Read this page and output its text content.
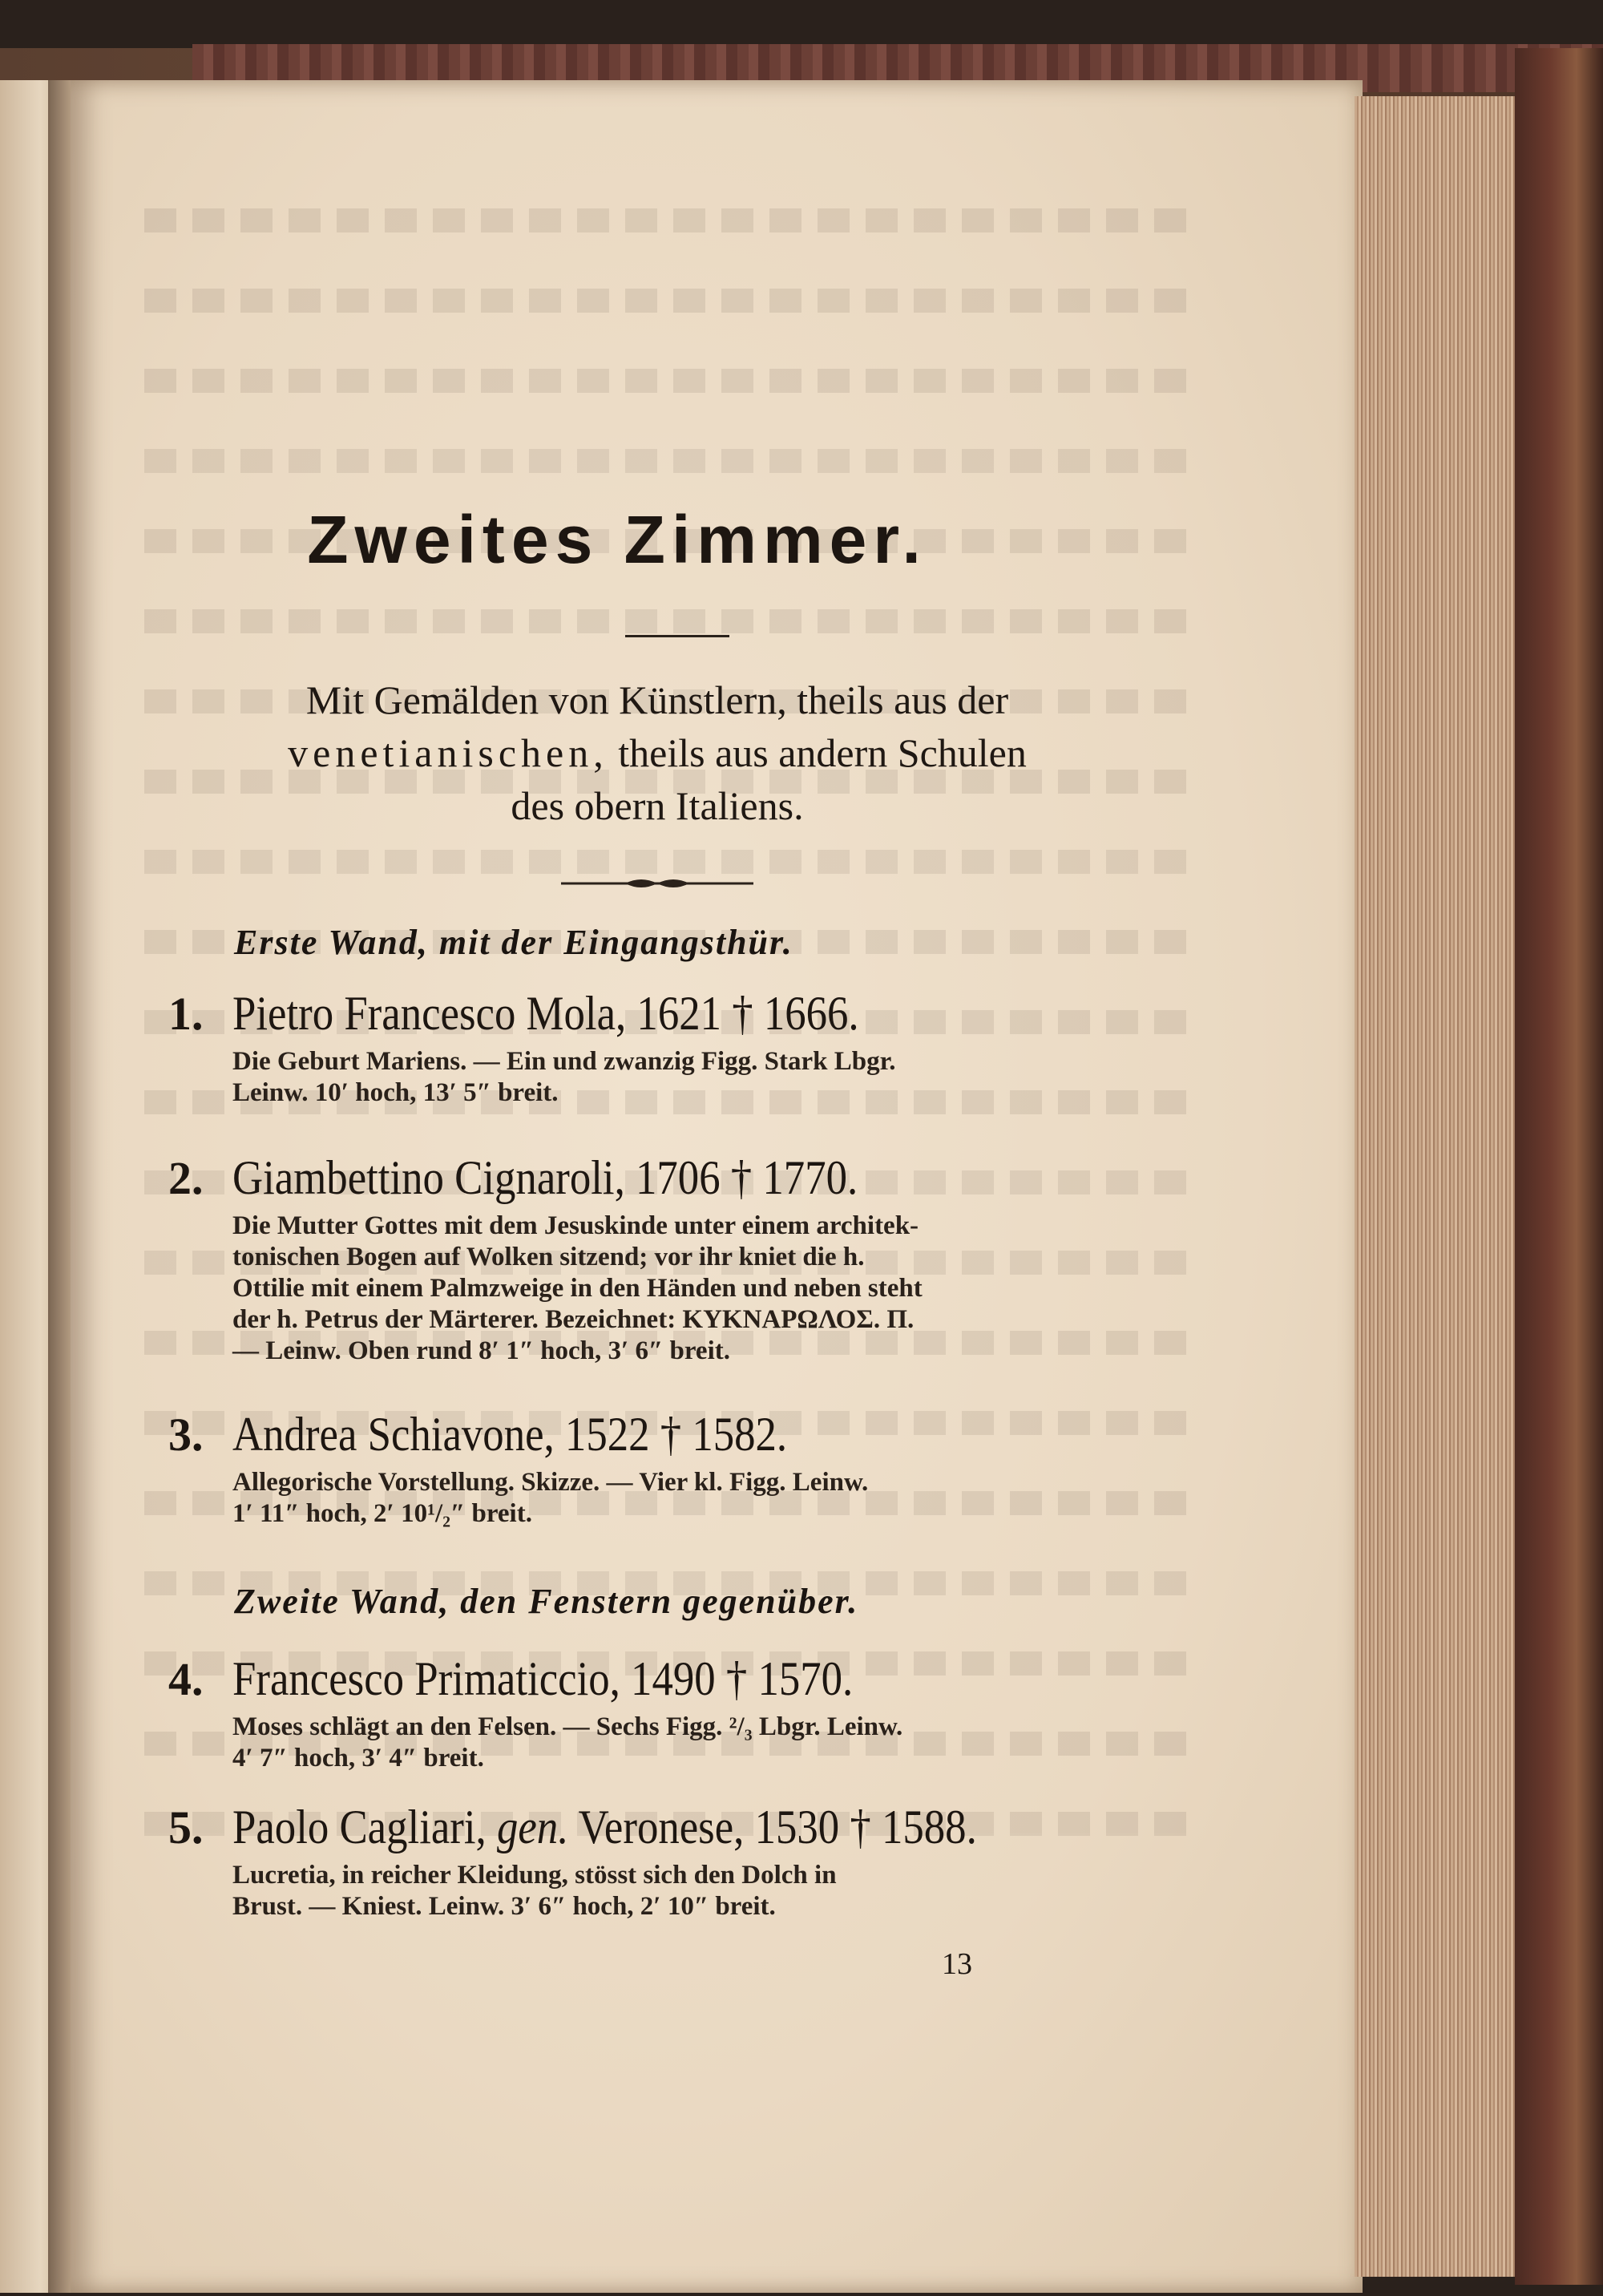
Zweites Zimmer.
Mit Gemälden von Künstlern, theils aus der
venetianischen, theils aus andern Schulen
des obern Italiens.
Erste Wand, mit der Eingangsthür.
1. Pietro Francesco Mola, 1621 † 1666.
Die Geburt Mariens. — Ein und zwanzig Figg. Stark Lbgr.
Leinw. 10′ hoch, 13′ 5″ breit.
2. Giambettino Cignaroli, 1706 † 1770.
Die Mutter Gottes mit dem Jesuskinde unter einem architek-
tonischen Bogen auf Wolken sitzend; vor ihr kniet die h.
Ottilie mit einem Palmzweige in den Händen und neben steht
der h. Petrus der Märterer. Bezeichnet: ΚΥΚΝΑΡΩΛΟΣ. Π.
— Leinw. Oben rund 8′ 1″ hoch, 3′ 6″ breit.
3. Andrea Schiavone, 1522 † 1582.
Allegorische Vorstellung. Skizze. — Vier kl. Figg. Leinw.
1′ 11″ hoch, 2′ 10¹/₂″ breit.
Zweite Wand, den Fenstern gegenüber.
4. Francesco Primaticcio, 1490 † 1570.
Moses schlägt an den Felsen. — Sechs Figg. ²/₃ Lbgr. Leinw.
4′ 7″ hoch, 3′ 4″ breit.
5. Paolo Cagliari, gen. Veronese, 1530 † 1588.
Lucretia, in reicher Kleidung, stösst sich den Dolch in
Brust. — Kniest. Leinw. 3′ 6″ hoch, 2′ 10″ breit.
13
